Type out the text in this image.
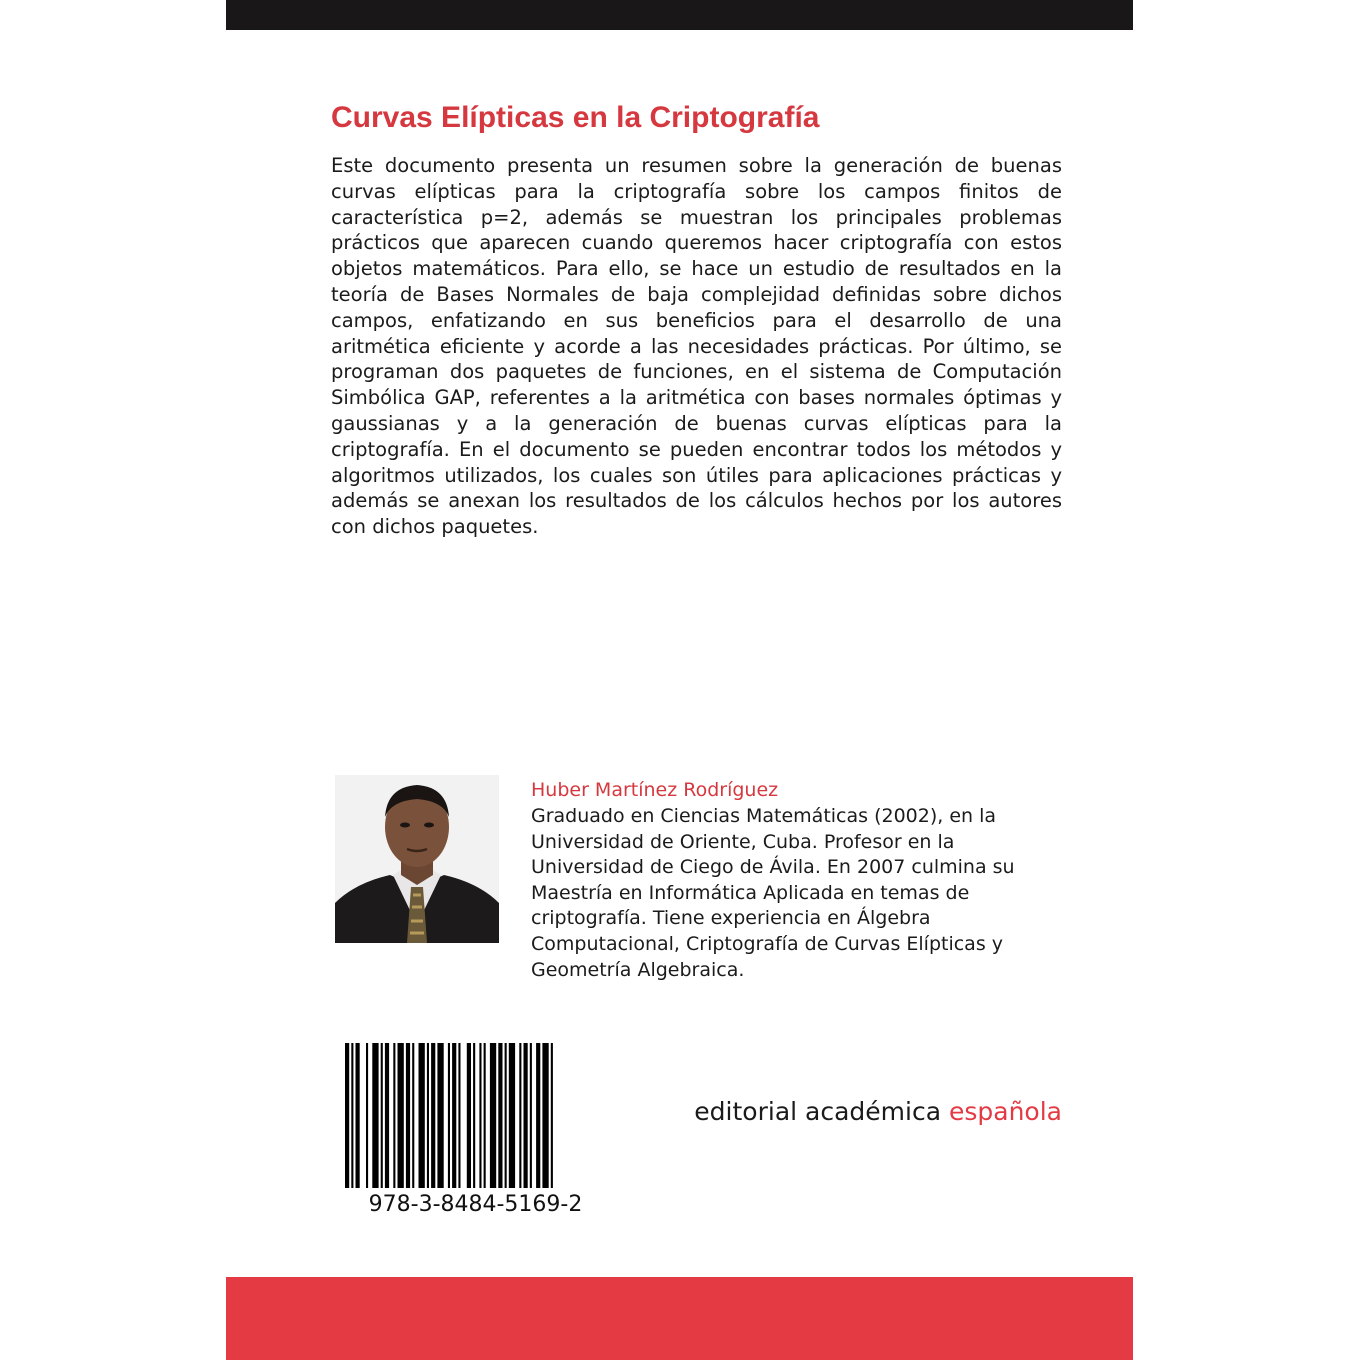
Curvas Elípticas en la Criptografía

Este documento presenta un resumen sobre la generación de buenas curvas elípticas para la criptografía sobre los campos finitos de característica p=2, además se muestran los principales problemas prácticos que aparecen cuando queremos hacer criptografía con estos objetos matemáticos. Para ello, se hace un estudio de resultados en la teoría de Bases Normales de baja complejidad definidas sobre dichos campos, enfatizando en sus beneficios para el desarrollo de una aritmética eficiente y acorde a las necesidades prácticas. Por último, se programan dos paquetes de funciones, en el sistema de Computación Simbólica GAP, referentes a la aritmética con bases normales óptimas y gaussianas y a la generación de buenas curvas elípticas para la criptografía. En el documento se pueden encontrar todos los métodos y algoritmos utilizados, los cuales son útiles para aplicaciones prácticas y además se anexan los resultados de los cálculos hechos por los autores con dichos paquetes.

Huber Martínez Rodríguez

Graduado en Ciencias Matemáticas (2002), en la Universidad de Oriente, Cuba. Profesor en la Universidad de Ciego de Ávila. En 2007 culmina su Maestría en Informática Aplicada en temas de criptografía. Tiene experiencia en Álgebra Computacional, Criptografía de Curvas Elípticas y Geometría Algebraica.

978-3-8484-5169-2
editorial académica española
